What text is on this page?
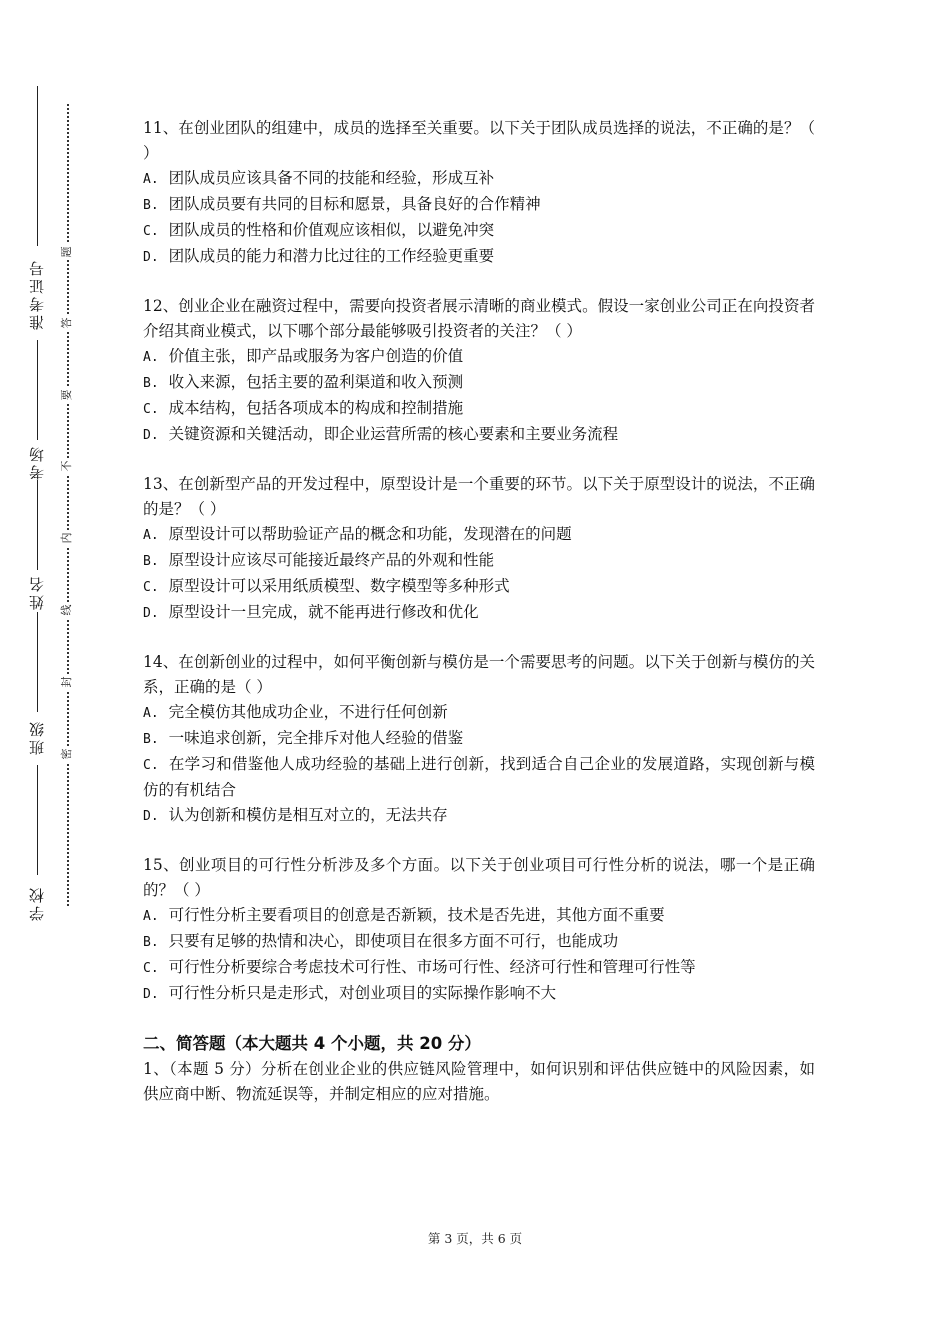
准考证号
考场
姓名
班级
学校
题
答
要
不
内
线
封
密

11、在创业团队的组建中，成员的选择至关重要。以下关于团队成员选择的说法，不正确的是？（ ）

A. 团队成员应该具备不同的技能和经验，形成互补

B. 团队成员要有共同的目标和愿景，具备良好的合作精神

C. 团队成员的性格和价值观应该相似，以避免冲突

D. 团队成员的能力和潜力比过往的工作经验更重要

12、创业企业在融资过程中，需要向投资者展示清晰的商业模式。假设一家创业公司正在向投资者介绍其商业模式，以下哪个部分最能够吸引投资者的关注？（ ）

A. 价值主张，即产品或服务为客户创造的价值

B. 收入来源，包括主要的盈利渠道和收入预测

C. 成本结构，包括各项成本的构成和控制措施

D. 关键资源和关键活动，即企业运营所需的核心要素和主要业务流程

13、在创新型产品的开发过程中，原型设计是一个重要的环节。以下关于原型设计的说法，不正确的是？（ ）

A. 原型设计可以帮助验证产品的概念和功能，发现潜在的问题

B. 原型设计应该尽可能接近最终产品的外观和性能

C. 原型设计可以采用纸质模型、数字模型等多种形式

D. 原型设计一旦完成，就不能再进行修改和优化

14、在创新创业的过程中，如何平衡创新与模仿是一个需要思考的问题。以下关于创新与模仿的关系，正确的是（ ）

A. 完全模仿其他成功企业，不进行任何创新

B. 一味追求创新，完全排斥对他人经验的借鉴

C. 在学习和借鉴他人成功经验的基础上进行创新，找到适合自己企业的发展道路，实现创新与模仿的有机结合

D. 认为创新和模仿是相互对立的，无法共存

15、创业项目的可行性分析涉及多个方面。以下关于创业项目可行性分析的说法，哪一个是正确的？（ ）

A. 可行性分析主要看项目的创意是否新颖，技术是否先进，其他方面不重要

B. 只要有足够的热情和决心，即使项目在很多方面不可行，也能成功

C. 可行性分析要综合考虑技术可行性、市场可行性、经济可行性和管理可行性等

D. 可行性分析只是走形式，对创业项目的实际操作影响不大

二、简答题（本大题共 4 个小题，共 20 分）

1、（本题 5 分）分析在创业企业的供应链风险管理中，如何识别和评估供应链中的风险因素，如供应商中断、物流延误等，并制定相应的应对措施。

第 3 页，共 6 页
